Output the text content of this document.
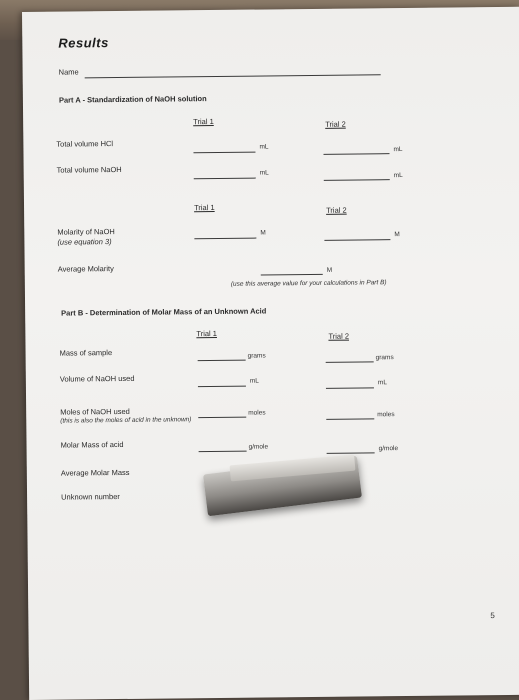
Results
Name
Part A - Standardization of NaOH solution
Trial 1	Trial 2
Total volume HCl	mL	mL
Total volume NaOH	mL	mL
Trial 1	Trial 2
Molarity of NaOH
(use equation 3)
M	M
Average Molarity	M
(use this average value for your calculations in Part B)
Part B - Determination of Molar Mass of an Unknown Acid
Trial 1	Trial 2
Mass of sample	grams	grams
Volume of NaOH used	mL	mL
Moles of NaOH used
(this is also the moles of acid in the unknown)
moles	moles
Molar Mass of acid	g/mole	g/mole
Average Molar Mass
Unknown number
5
